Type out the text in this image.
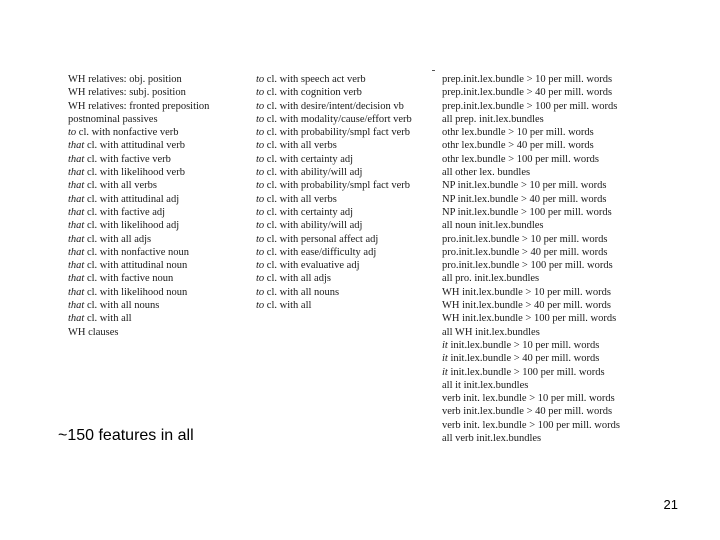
WH relatives: obj. position
WH relatives: subj. position
WH relatives: fronted preposition
postnominal passives
to cl. with nonfactive verb
that cl. with attitudinal verb
that cl. with factive verb
that cl. with likelihood verb
that cl. with all verbs
that cl. with attitudinal adj
that cl. with factive adj
that cl. with likelihood adj
that cl. with all adjs
that cl. with nonfactive noun
that cl. with attitudinal noun
that cl. with factive noun
that cl. with likelihood noun
that cl. with all nouns
that cl. with all
WH clauses
to cl. with speech act verb
to cl. with cognition verb
to cl. with desire/intent/decision vb
to cl. with modality/cause/effort verb
to cl. with probability/smpl fact verb
to cl. with all verbs
to cl. with certainty adj
to cl. with ability/will adj
to cl. with probability/smpl fact verb
to cl. with all verbs
to cl. with certainty adj
to cl. with ability/will adj
to cl. with personal affect adj
to cl. with ease/difficulty adj
to cl. with evaluative adj
to cl. with all adjs
to cl. with all nouns
to cl. with all
prep.init.lex.bundle > 10 per mill. words
prep.init.lex.bundle > 40 per mill. words
prep.init.lex.bundle > 100 per mill. words
all prep. init.lex.bundles
othr lex.bundle > 10 per mill. words
othr lex.bundle > 40 per mill. words
othr lex.bundle > 100 per mill. words
all other lex. bundles
NP init.lex.bundle > 10 per mill. words
NP init.lex.bundle > 40 per mill. words
NP init.lex.bundle > 100 per mill. words
all noun init.lex.bundles
pro.init.lex.bundle > 10 per mill. words
pro.init.lex.bundle > 40 per mill. words
pro.init.lex.bundle > 100 per mill. words
all pro. init.lex.bundles
WH init.lex.bundle > 10 per mill. words
WH init.lex.bundle > 40 per mill. words
WH init.lex.bundle > 100 per mill. words
all WH init.lex.bundles
it init.lex.bundle > 10 per mill. words
it init.lex.bundle > 40 per mill. words
it init.lex.bundle > 100 per mill. words
all it init.lex.bundles
verb init. lex.bundle > 10 per mill. words
verb init.lex.bundle > 40 per mill. words
verb init. lex.bundle > 100 per mill. words
all verb init.lex.bundles
~150 features in all
21
